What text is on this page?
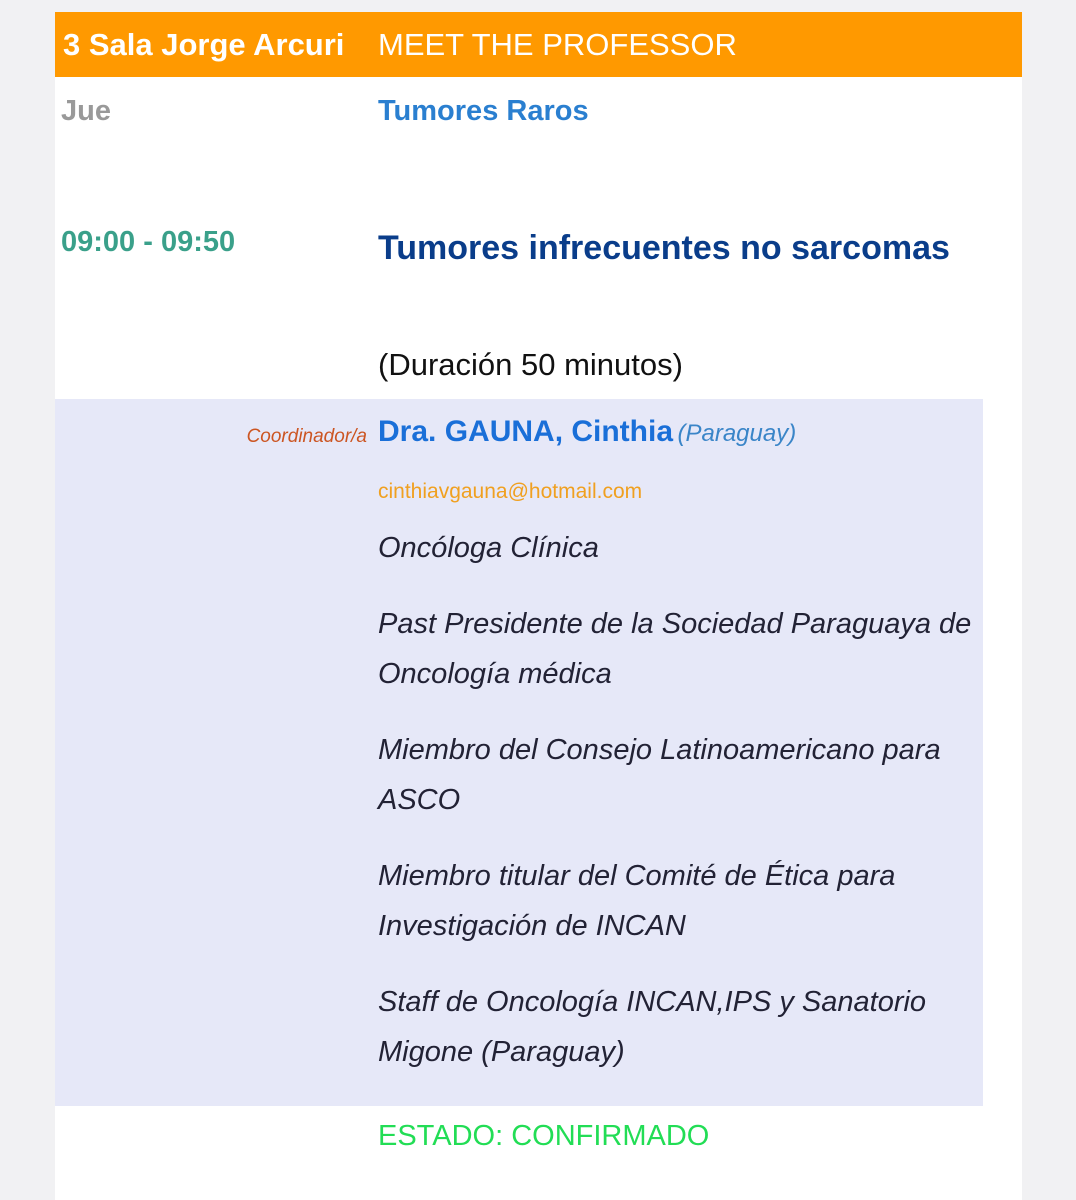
3 Sala Jorge Arcuri MEET THE PROFESSOR
Jue	Tumores Raros
09:00 - 09:50	Tumores infrecuentes no sarcomas
(Duración 50 minutos)
Coordinador/a Dra. GAUNA, Cinthia (Paraguay)
cinthiavgauna@hotmail.com
Oncóloga Clínica
Past Presidente de la Sociedad Paraguaya de Oncología médica
Miembro del Consejo Latinoamericano para ASCO
Miembro titular del Comité de Ética para Investigación de INCAN
Staff de Oncología INCAN,IPS y Sanatorio Migone (Paraguay)
ESTADO: CONFIRMADO
